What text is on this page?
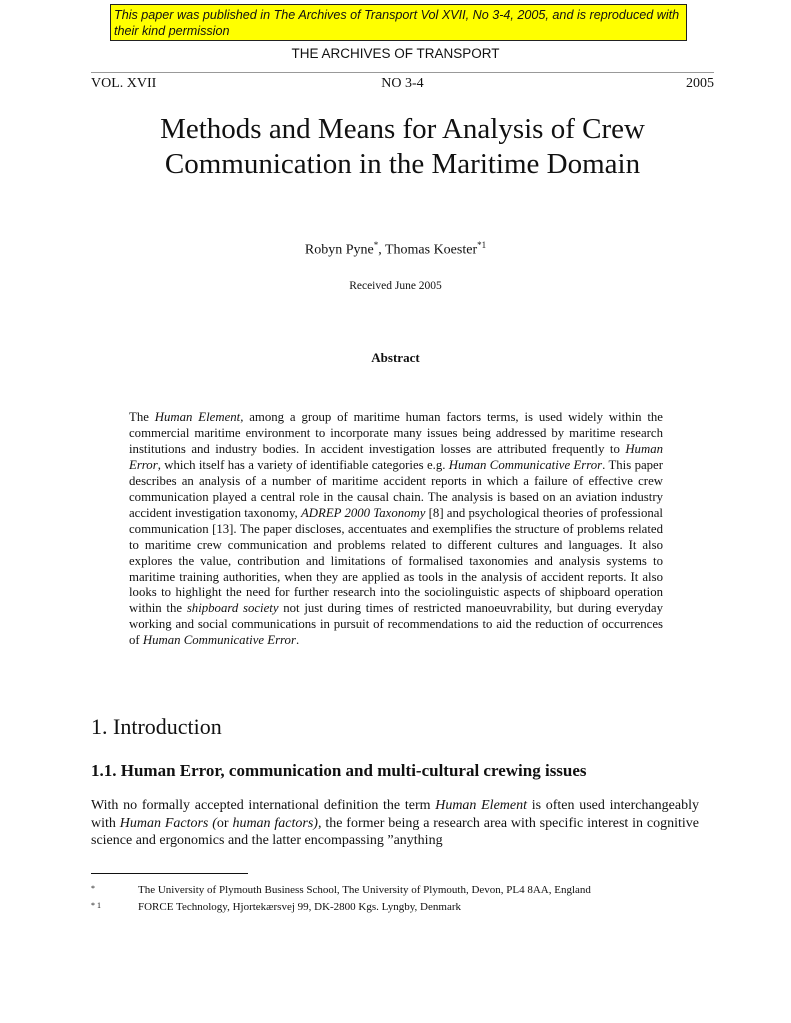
This paper was published in The Archives of Transport Vol XVII, No 3-4, 2005, and is reproduced with their kind permission
THE ARCHIVES OF TRANSPORT
VOL. XVII	NO 3-4	2005
Methods and Means for Analysis of Crew Communication in the Maritime Domain
Robyn Pyne*, Thomas Koester$^{*1}$
Received June 2005
Abstract

The Human Element, among a group of maritime human factors terms, is used widely within the commercial maritime environment to incorporate many issues being addressed by maritime research institutions and industry bodies. In accident investigation losses are attributed frequently to Human Error, which itself has a variety of identifiable categories e.g. Human Communicative Error. This paper describes an analysis of a number of maritime accident reports in which a failure of effective crew communication played a central role in the causal chain. The analysis is based on an aviation industry accident investigation taxonomy, ADREP 2000 Taxonomy [8] and psychological theories of professional communication [13]. The paper discloses, accentuates and exemplifies the structure of problems related to maritime crew communication and problems related to different cultures and languages. It also explores the value, contribution and limitations of formalised taxonomies and analysis systems to maritime training authorities, when they are applied as tools in the analysis of accident reports. It also looks to highlight the need for further research into the sociolinguistic aspects of shipboard operation within the shipboard society not just during times of restricted manoeuvrability, but during everyday working and social communications in pursuit of recommendations to aid the reduction of occurrences of Human Communicative Error.

1. Introduction
1.1. Human Error, communication and multi-cultural crewing issues

With no formally accepted international definition the term Human Element is often used interchangeably with Human Factors (or human factors), the former being a research area with specific interest in cognitive science and ergonomics and the latter encompassing ”anything

*	The University of Plymouth Business School, The University of Plymouth, Devon, PL4 8AA, England
* 1	FORCE Technology, Hjortekærsvej 99, DK-2800 Kgs. Lyngby, Denmark
